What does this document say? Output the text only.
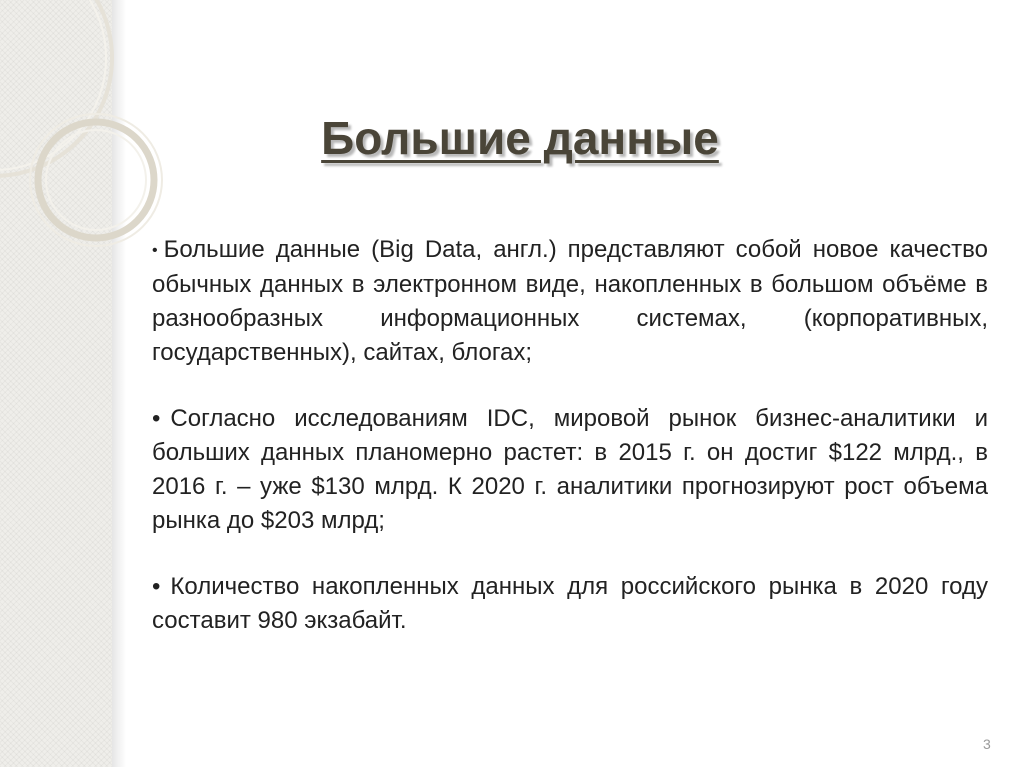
Большие данные

• Большие данные (Big Data, англ.) представляют собой новое качество обычных данных в электронном виде, накопленных в большом объёме в разнообразных информационных системах, (корпоративных, государственных), сайтах, блогах;

• Согласно исследованиям IDC, мировой рынок бизнес-аналитики и больших данных планомерно растет: в 2015 г. он достиг $122 млрд., в 2016 г. – уже $130 млрд. К 2020 г. аналитики прогнозируют рост объема рынка до $203 млрд;

• Количество накопленных данных для российского рынка в 2020 году составит 980 экзабайт.

3
